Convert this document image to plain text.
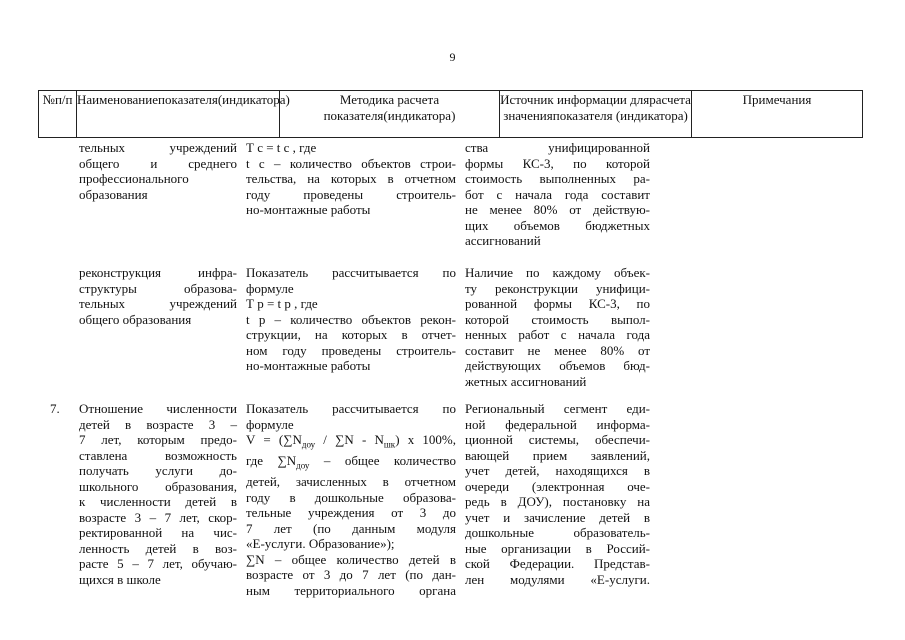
9
№п/п Наименованиепоказателя(индикатора)	Методика расчета показателя(индикатора)
Источник информации длярасчета значенияпоказателя (индикатора)
Примечания
тельных учреждений
общего и среднего
профессионального
образования
Т с = t с , где
t с – количество объектов строи-
тельства, на которых в отчетном
году проведены строитель-
но-монтажные работы
ства унифицированной
формы КС-3, по которой
стоимость выполненных ра-
бот с начала года составит
не менее 80% от действую-
щих объемов бюджетных
ассигнований
реконструкция инфра-
структуры образова-
тельных учреждений
общего образования
Показатель рассчитывается по
формуле
Т р = t р , где
t р – количество объектов рекон-
струкции, на которых в отчет-
ном году проведены строитель-
но-монтажные работы
Наличие по каждому объек-
ту реконструкции унифици-
рованной формы КС-3, по
которой стоимость выпол-
ненных работ с начала года
составит не менее 80% от
действующих объемов бюд-
жетных ассигнований
7.	Отношение численности
детей в возрасте 3 –
7 лет, которым предо-
ставлена возможность
получать услуги до-
школьного образования,
к численности детей в
возрасте 3 – 7 лет, скор-
ректированной на чис-
ленность детей в воз-
расте 5 – 7 лет, обучаю-
щихся в школе
Показатель рассчитывается по
формуле
$V = (\sum N_{доу} / \sum N - N_{шк})$ х 100%,
где $\sum N_{доу}$ – общее количество
детей, зачисленных в отчетном
году в дошкольные образова-
тельные учреждения от 3 до
7 лет (по данным модуля
«Е-услуги. Образование»);
∑N – общее количество детей в
возрасте от 3 до 7 лет (по дан-
ным территориального органа
Региональный сегмент еди-
ной федеральной информа-
ционной системы, обеспечи-
вающей прием заявлений,
учет детей, находящихся в
очереди (электронная оче-
редь в ДОУ), постановку на
учет и зачисление детей в
дошкольные образователь-
ные организации в Россий-
ской Федерации. Представ-
лен модулями «Е-услуги.
